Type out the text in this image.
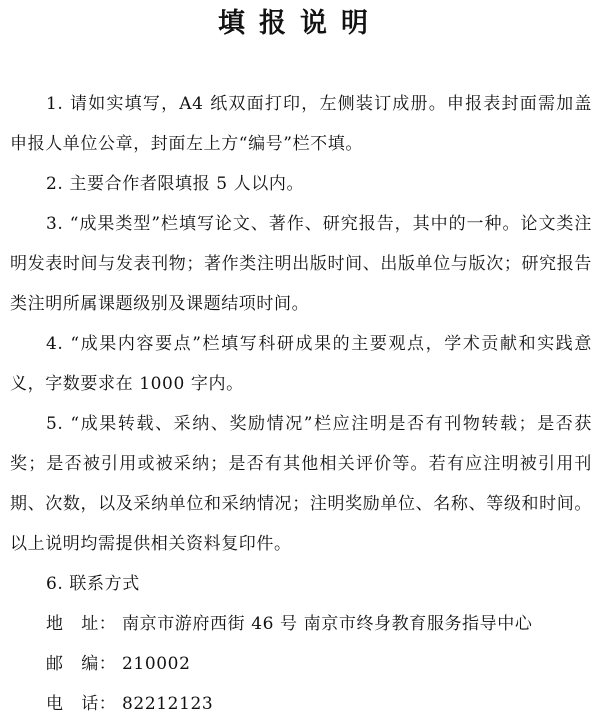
填报说明

1. 请如实填写，A4 纸双面打印，左侧装订成册。申报表封面需加盖申报人单位公章，封面左上方“编号”栏不填。

2. 主要合作者限填报 5 人以内。

3. “成果类型”栏填写论文、著作、研究报告，其中的一种。论文类注明发表时间与发表刊物；著作类注明出版时间、出版单位与版次；研究报告类注明所属课题级别及课题结项时间。

4. “成果内容要点”栏填写科研成果的主要观点，学术贡献和实践意义，字数要求在 1000 字内。

5. “成果转载、采纳、奖励情况”栏应注明是否有刊物转载；是否获奖；是否被引用或被采纳；是否有其他相关评价等。若有应注明被引用刊期、次数，以及采纳单位和采纳情况；注明奖励单位、名称、等级和时间。以上说明均需提供相关资料复印件。

6. 联系方式

地　址： 南京市游府西街 46 号 南京市终身教育服务指导中心
邮　编： 210002
电　话： 82212123
